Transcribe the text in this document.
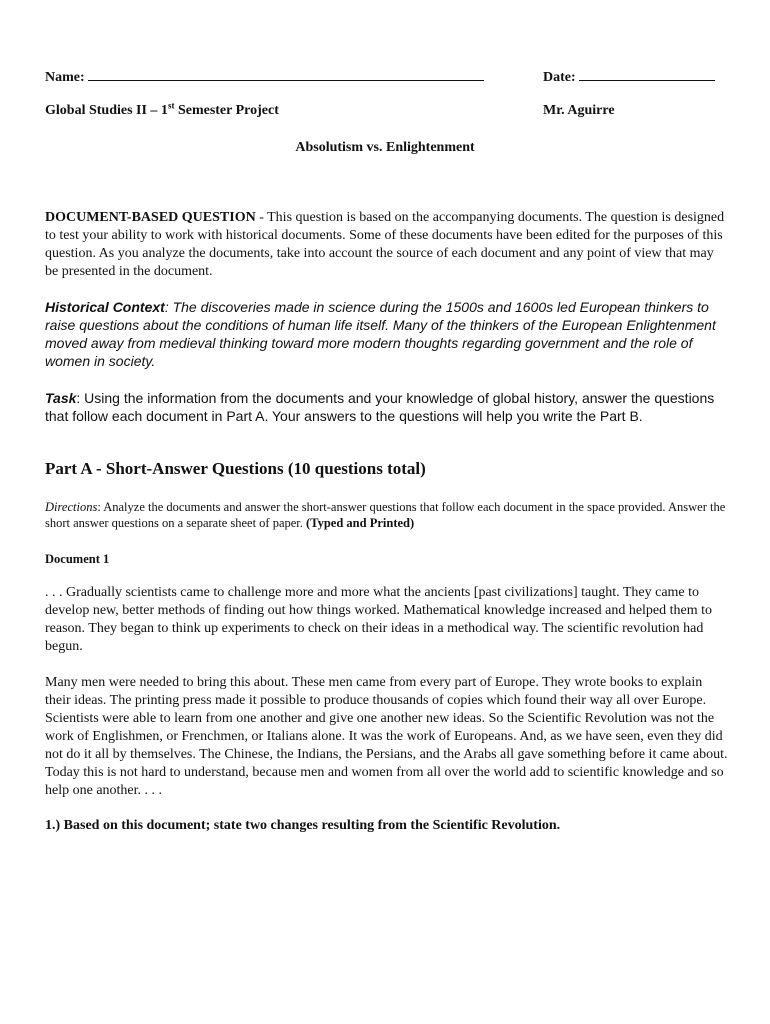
Name:	Date:
Global Studies II – 1st Semester Project	Mr. Aguirre
Absolutism vs. Enlightenment
DOCUMENT-BASED QUESTION - This question is based on the accompanying documents. The question is designed to test your ability to work with historical documents. Some of these documents have been edited for the purposes of this question. As you analyze the documents, take into account the source of each document and any point of view that may be presented in the document.
Historical Context: The discoveries made in science during the 1500s and 1600s led European thinkers to raise questions about the conditions of human life itself. Many of the thinkers of the European Enlightenment moved away from medieval thinking toward more modern thoughts regarding government and the role of women in society.
Task: Using the information from the documents and your knowledge of global history, answer the questions that follow each document in Part A. Your answers to the questions will help you write the Part B.
Part A - Short-Answer Questions (10 questions total)
Directions: Analyze the documents and answer the short-answer questions that follow each document in the space provided. Answer the short answer questions on a separate sheet of paper. (Typed and Printed)
Document 1
. . . Gradually scientists came to challenge more and more what the ancients [past civilizations] taught. They came to develop new, better methods of finding out how things worked. Mathematical knowledge increased and helped them to reason. They began to think up experiments to check on their ideas in a methodical way. The scientific revolution had begun.
Many men were needed to bring this about. These men came from every part of Europe. They wrote books to explain their ideas. The printing press made it possible to produce thousands of copies which found their way all over Europe. Scientists were able to learn from one another and give one another new ideas. So the Scientific Revolution was not the work of Englishmen, or Frenchmen, or Italians alone. It was the work of Europeans. And, as we have seen, even they did not do it all by themselves. The Chinese, the Indians, the Persians, and the Arabs all gave something before it came about. Today this is not hard to understand, because men and women from all over the world add to scientific knowledge and so help one another. . . .
1.) Based on this document; state two changes resulting from the Scientific Revolution.
